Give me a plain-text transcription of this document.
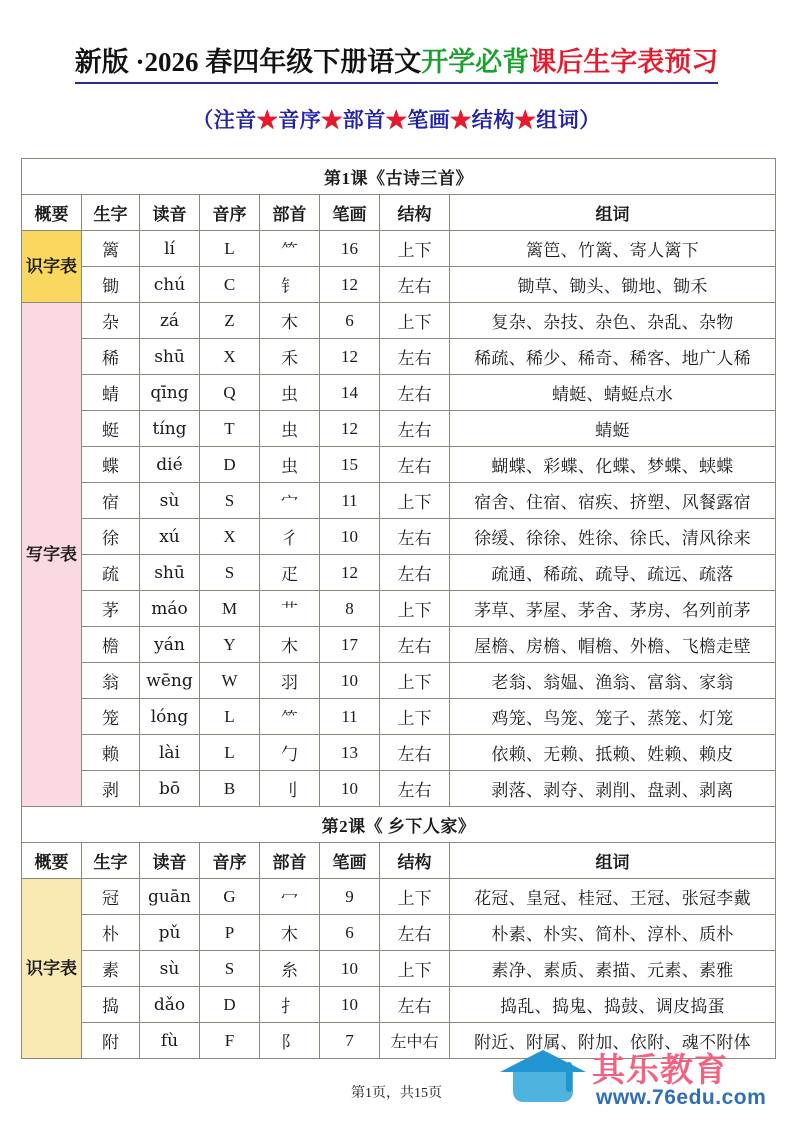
新版 ·2026 春四年级下册语文开学必背课后生字表预习
（注音★音序★部首★笔画★结构★组词）
第1课《古诗三首》							
概要	生字	读音	音序	部首	笔画	结构	组词
识字表	篱	lí	L	⺮	16	上下	篱笆、竹篱、寄人篱下
	锄	chú	C	钅	12	左右	锄草、锄头、锄地、锄禾
写字表	杂	zá	Z	木	6	上下	复杂、杂技、杂色、杂乱、杂物
	稀	shū	X	禾	12	左右	稀疏、稀少、稀奇、稀客、地广人稀
	蜻	qīng	Q	虫	14	左右	蜻蜓、蜻蜓点水
	蜓	tíng	T	虫	12	左右	蜻蜓
	蝶	dié	D	虫	15	左右	蝴蝶、彩蝶、化蝶、梦蝶、蛱蝶
	宿	sù	S	宀	11	上下	宿舍、住宿、宿疾、挤塑、风餐露宿
	徐	xú	X	彳	10	左右	徐缓、徐徐、姓徐、徐氏、清风徐来
	疏	shū	S	疋	12	左右	疏通、稀疏、疏导、疏远、疏落
	茅	máo	M	艹	8	上下	茅草、茅屋、茅舍、茅房、名列前茅
	檐	yán	Y	木	17	左右	屋檐、房檐、帽檐、外檐、飞檐走壁
	翁	wēng	W	羽	10	上下	老翁、翁媪、渔翁、富翁、家翁
	笼	lóng	L	⺮	11	上下	鸡笼、鸟笼、笼子、蒸笼、灯笼
	赖	lài	L	勹	13	左右	依赖、无赖、抵赖、姓赖、赖皮
	剥	bō	B	刂	10	左右	剥落、剥夺、剥削、盘剥、剥离
第2课《 乡下人家》							
概要	生字	读音	音序	部首	笔画	结构	组词
识字表	冠	guān	G	冖	9	上下	花冠、皇冠、桂冠、王冠、张冠李戴
	朴	pǔ	P	木	6	左右	朴素、朴实、简朴、淳朴、质朴
	素	sù	S	糸	10	上下	素净、素质、素描、元素、素雅
	捣	dǎo	D	扌	10	左右	捣乱、捣鬼、捣鼓、调皮捣蛋
	附	fù	F	阝	7	左中右	附近、附属、附加、依附、魂不附体
第1页，共15页
其乐教育
www.76edu.com
